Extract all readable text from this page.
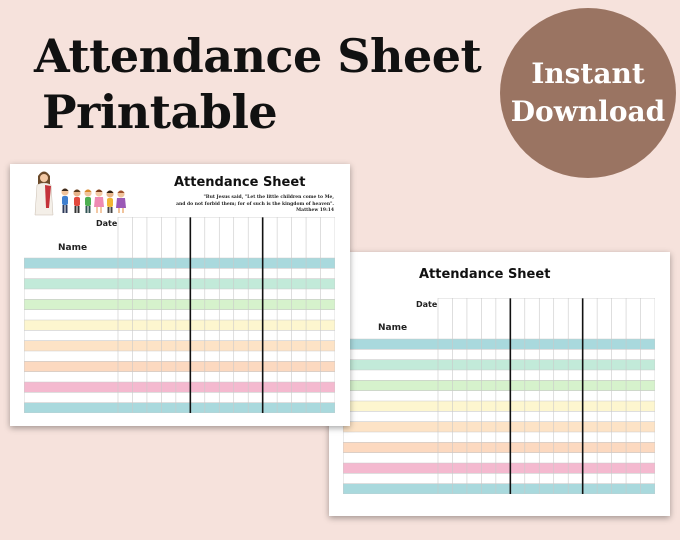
Attendance Sheet
Printable
Instant
Download
Attendance Sheet
Date
Name
Attendance Sheet
"But Jesus said, "Let the little children come to Me,
and do not forbid them; for of such is the kingdom of heaven".
Matthew 19:14
Date
Name
